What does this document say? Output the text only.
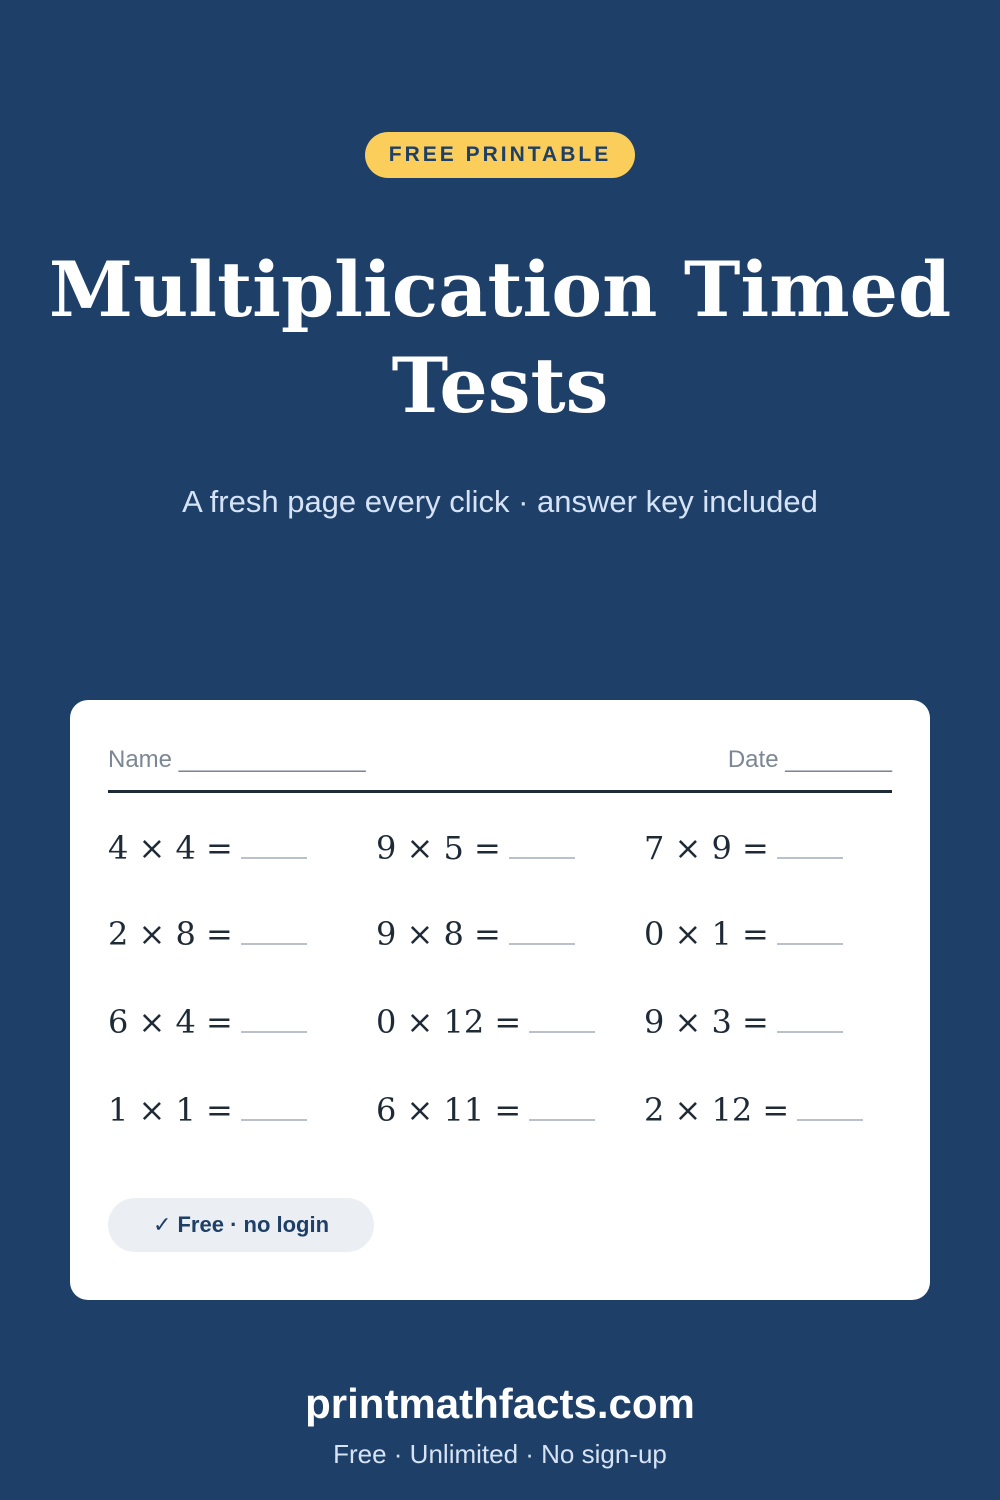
FREE PRINTABLE
Multiplication Timed Tests
A fresh page every click · answer key included
Name ______________	Date ________
4 × 4 =	9 × 5 =	7 × 9 =
2 × 8 =	9 × 8 =	0 × 1 =
6 × 4 =	0 × 12 =	9 × 3 =
1 × 1 =	6 × 11 =	2 × 12 =
✓ Free · no login
printmathfacts.com
Free · Unlimited · No sign-up
